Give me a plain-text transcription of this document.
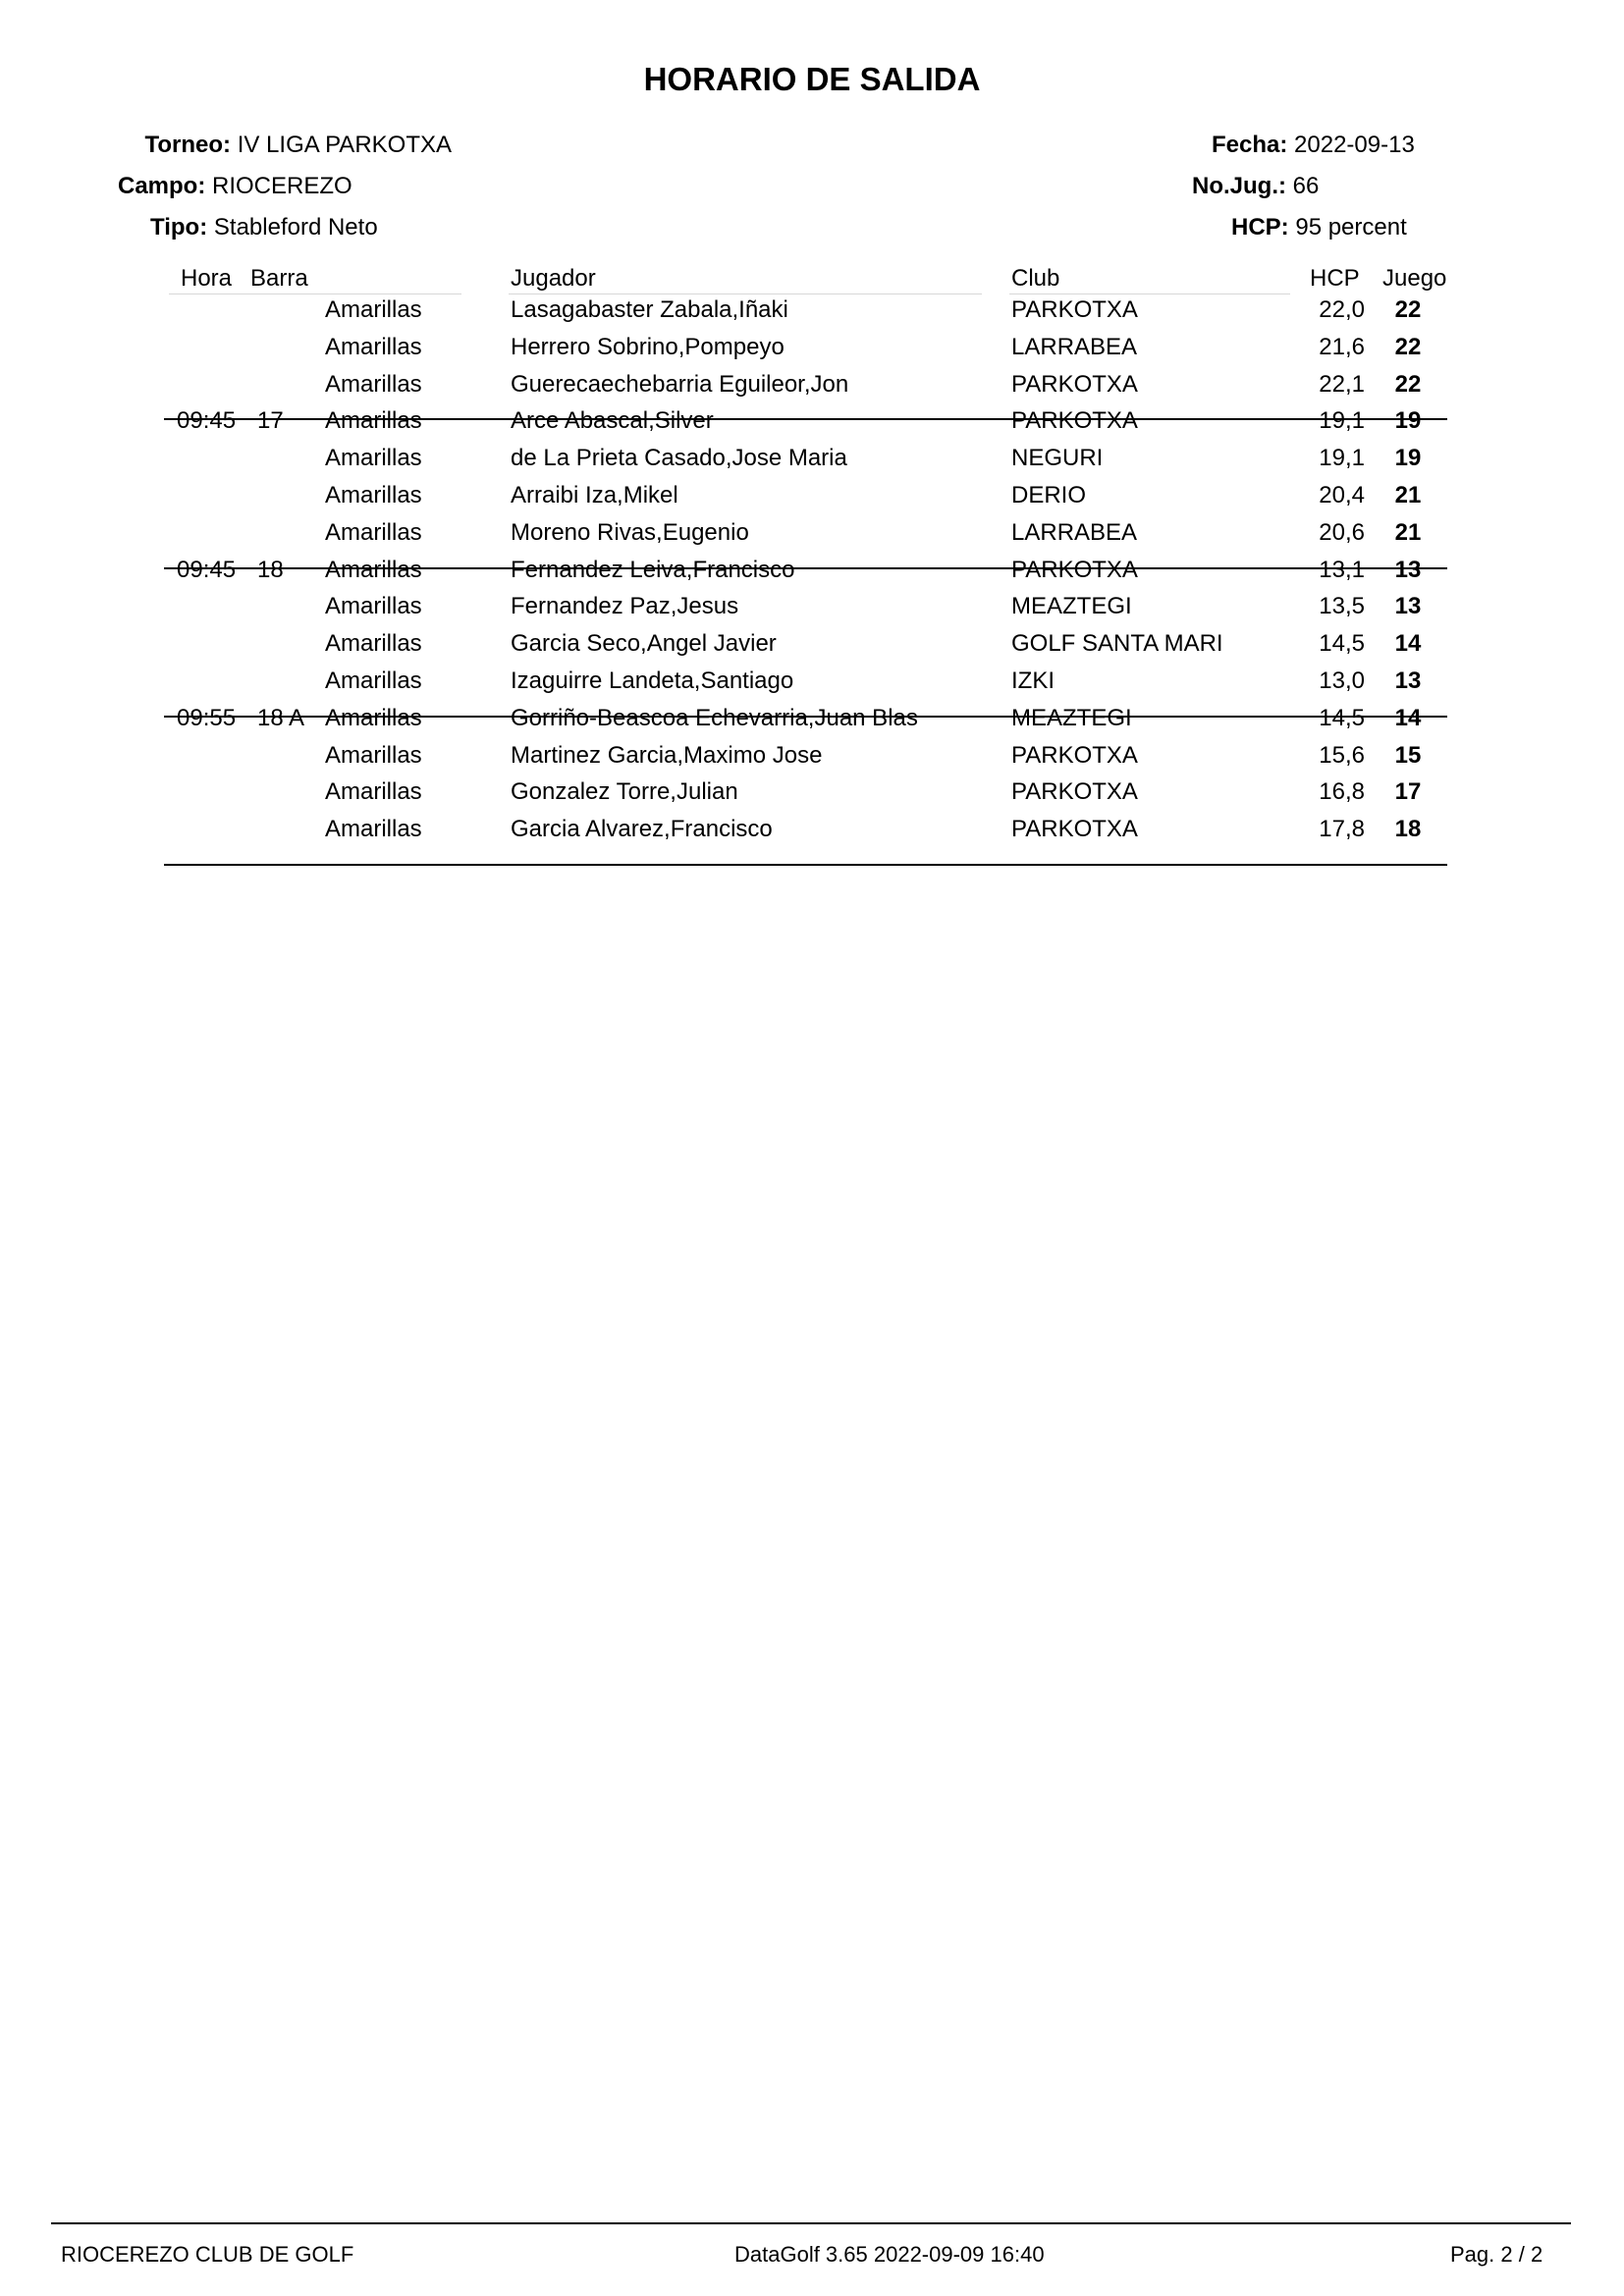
HORARIO DE SALIDA
Torneo: IV LIGA PARKOTXA
Campo: RIOCEREZO
Tipo: Stableford Neto
Fecha: 2022-09-13
No.Jug.: 66
HCP: 95 percent
Hora Barra	Jugador	Club	HCP Juego
Amarillas	Lasagabaster Zabala,Iñaki	PARKOTXA	22,0	22
Amarillas	Herrero Sobrino,Pompeyo	LARRABEA	21,6	22
Amarillas	Guerecaechebarria Eguileor,Jon	PARKOTXA	22,1	22
09:45 17 Amarillas	Arce Abascal,Silver	PARKOTXA	19,1	19
Amarillas	de La Prieta Casado,Jose Maria	NEGURI	19,1	19
Amarillas	Arraibi Iza,Mikel	DERIO	20,4	21
Amarillas	Moreno Rivas,Eugenio	LARRABEA	20,6	21
09:45 18 Amarillas	Fernandez Leiva,Francisco	PARKOTXA	13,1	13
Amarillas	Fernandez Paz,Jesus	MEAZTEGI	13,5	13
Amarillas	Garcia Seco,Angel Javier	GOLF SANTA MARI	14,5	14
Amarillas	Izaguirre Landeta,Santiago	IZKI	13,0	13
09:55 18 A Amarillas	Gorriño-Beascoa Echevarria,Juan Blas	MEAZTEGI	14,5	14
Amarillas	Martinez Garcia,Maximo Jose	PARKOTXA	15,6	15
Amarillas	Gonzalez Torre,Julian	PARKOTXA	16,8	17
Amarillas	Garcia Alvarez,Francisco	PARKOTXA	17,8	18
RIOCEREZO CLUB DE GOLF	DataGolf 3.65 2022-09-09 16:40	Pag. 2 / 2
